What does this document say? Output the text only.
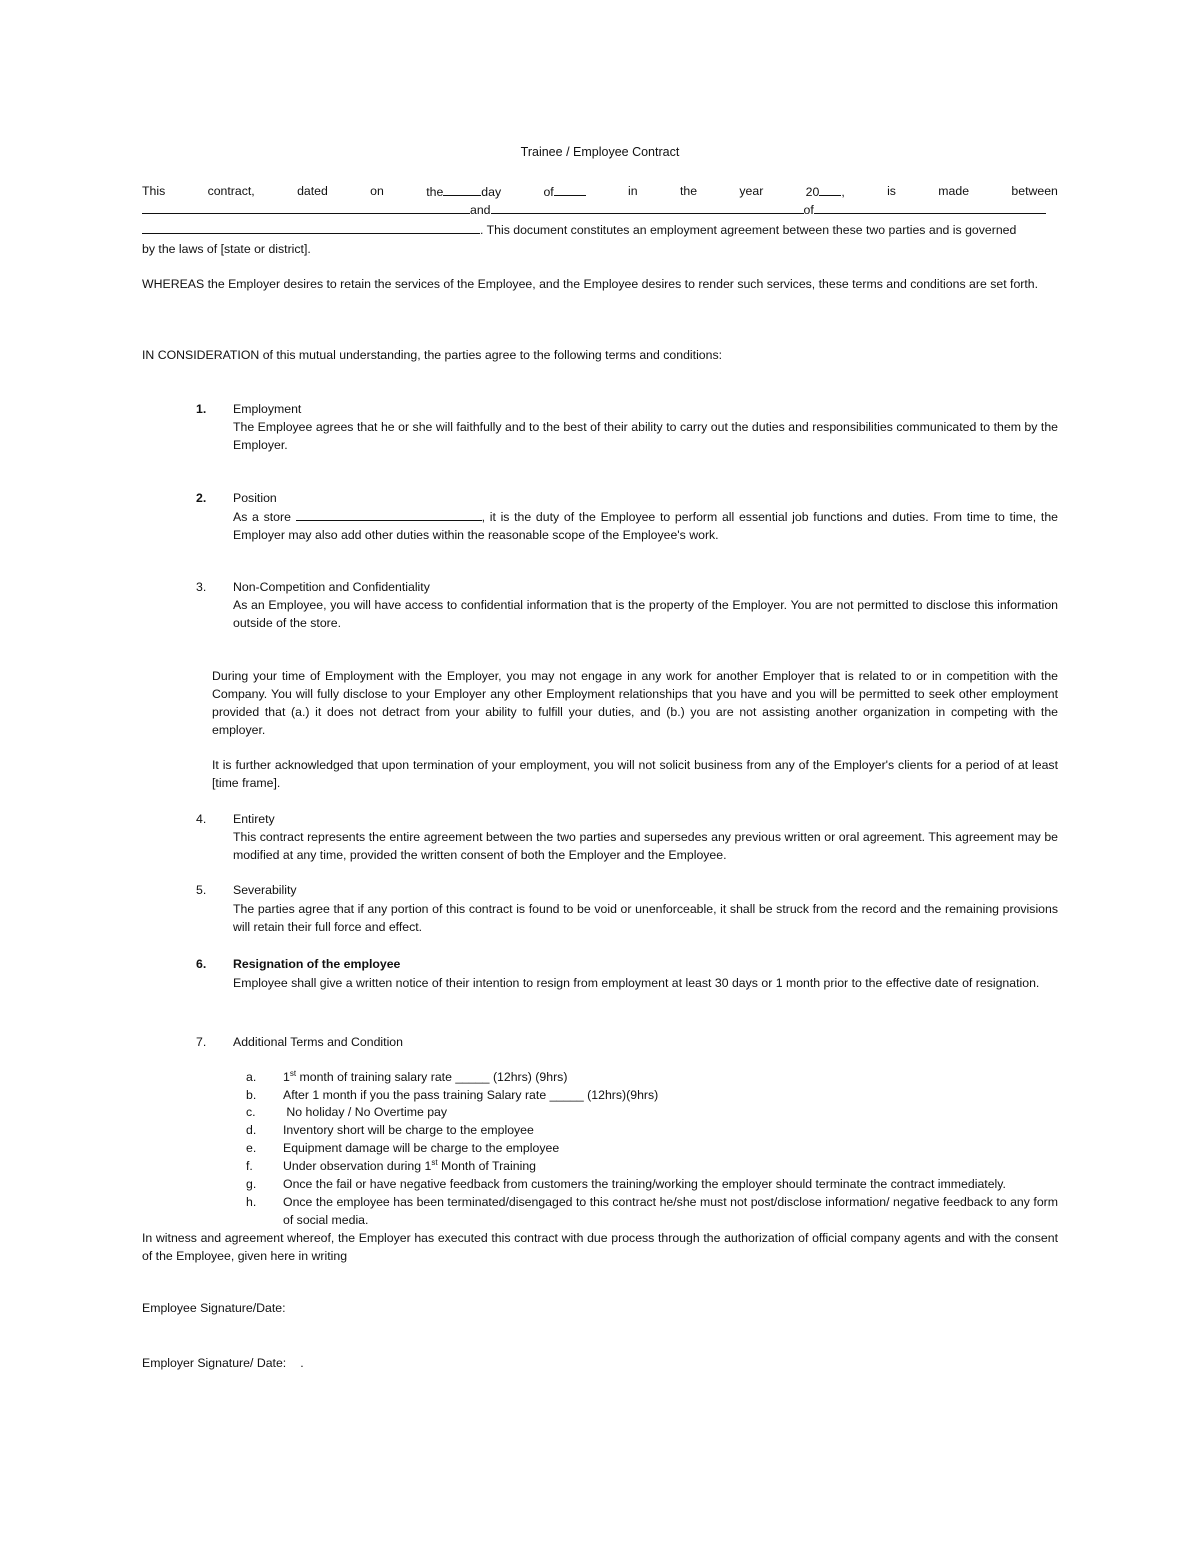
Trainee / Employee Contract
This	contract,	dated	on	the	day	of	in	the	year	20 ,	is	made	between
and	of
. This document constitutes an employment agreement between these two parties and is governed
by the laws of [state or district].
WHEREAS the Employer desires to retain the services of the Employee, and the Employee desires to render such services, these terms and conditions are set forth.
IN CONSIDERATION of this mutual understanding, the parties agree to the following terms and conditions:
1. Employment
The Employee agrees that he or she will faithfully and to the best of their ability to carry out the duties and responsibilities communicated to them by the Employer.
2. Position
As a store	, it is the duty of the Employee to perform all essential job functions and duties. From time to time, the Employer may also add other duties within the reasonable scope of the Employee's work.
3. Non-Competition and Confidentiality
As an Employee, you will have access to confidential information that is the property of the Employer. You are not permitted to disclose this information outside of the store.
During your time of Employment with the Employer, you may not engage in any work for another Employer that is related to or in competition with the Company. You will fully disclose to your Employer any other Employment relationships that you have and you will be permitted to seek other employment provided that (a.) it does not detract from your ability to fulfill your duties, and (b.) you are not assisting another organization in competing with the employer.
It is further acknowledged that upon termination of your employment, you will not solicit business from any of the Employer's clients for a period of at least [time frame].
4. Entirety
This contract represents the entire agreement between the two parties and supersedes any previous written or oral agreement. This agreement may be modified at any time, provided the written consent of both the Employer and the Employee.
5. Severability
The parties agree that if any portion of this contract is found to be void or unenforceable, it shall be struck from the record and the remaining provisions will retain their full force and effect.
6. Resignation of the employee
Employee shall give a written notice of their intention to resign from employment at least 30 days or 1 month prior to the effective date of resignation.
7. Additional Terms and Condition
a. 1st month of training salary rate _____ (12hrs) (9hrs)
b. After 1 month if you the pass training Salary rate _____ (12hrs)(9hrs)
c. No holiday / No Overtime pay
d. Inventory short will be charge to the employee
e. Equipment damage will be charge to the employee
f. Under observation during 1st Month of Training
g. Once the fail or have negative feedback from customers the training/working the employer should terminate the contract immediately.
h. Once the employee has been terminated/disengaged to this contract he/she must not post/disclose information/ negative feedback to any form of social media.
In witness and agreement whereof, the Employer has executed this contract with due process through the authorization of official company agents and with the consent of the Employee, given here in writing
Employee Signature/Date:
Employer Signature/ Date: .
